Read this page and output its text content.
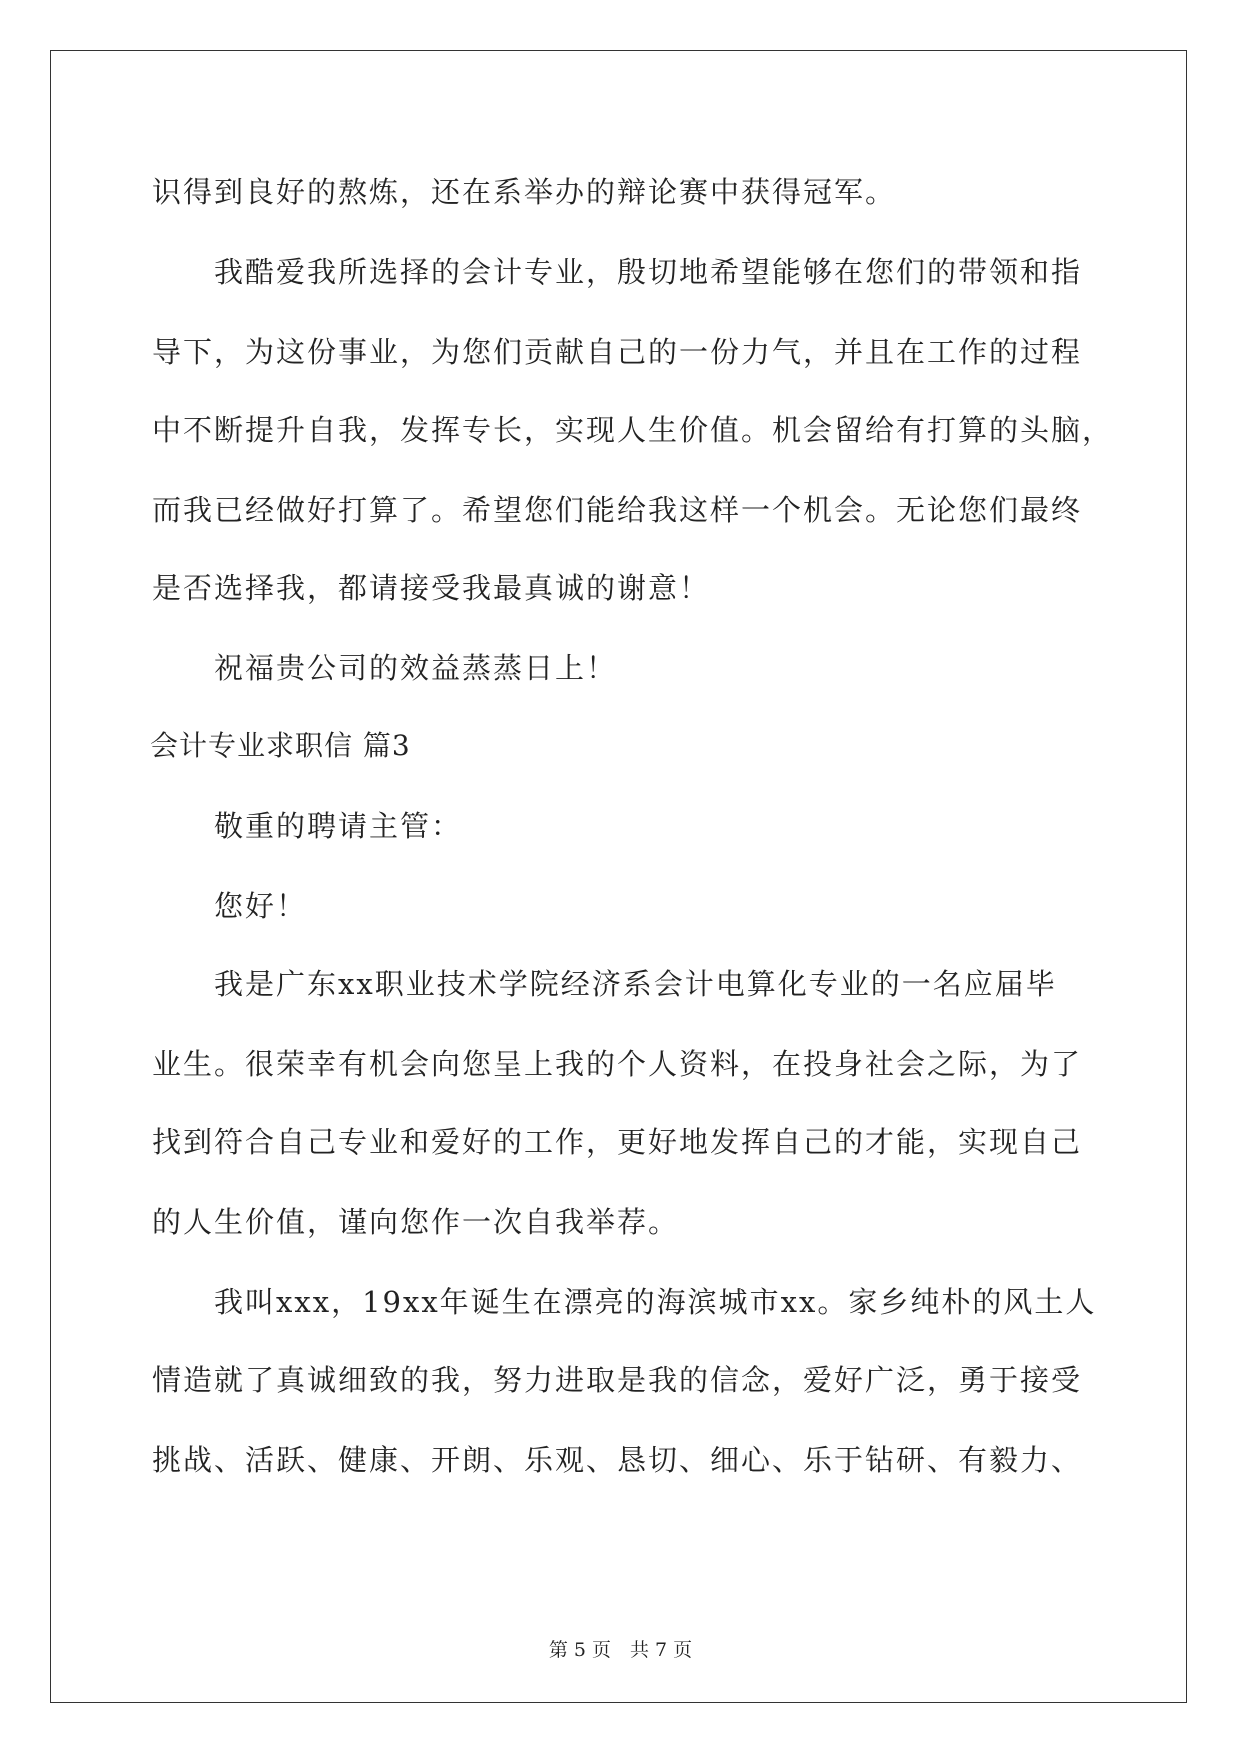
识得到良好的熬炼，还在系举办的辩论赛中获得冠军。
我酷爱我所选择的会计专业，殷切地希望能够在您们的带领和指
导下，为这份事业，为您们贡献自己的一份力气，并且在工作的过程
中不断提升自我，发挥专长，实现人生价值。机会留给有打算的头脑，
而我已经做好打算了。希望您们能给我这样一个机会。无论您们最终
是否选择我，都请接受我最真诚的谢意！
祝福贵公司的效益蒸蒸日上！
会计专业求职信 篇3
敬重的聘请主管：
您好！
我是广东xx职业技术学院经济系会计电算化专业的一名应届毕
业生。很荣幸有机会向您呈上我的个人资料，在投身社会之际，为了
找到符合自己专业和爱好的工作，更好地发挥自己的才能，实现自己
的人生价值，谨向您作一次自我举荐。
我叫xxx，19xx年诞生在漂亮的海滨城市xx。家乡纯朴的风土人
情造就了真诚细致的我，努力进取是我的信念，爱好广泛，勇于接受
挑战、活跃、健康、开朗、乐观、恳切、细心、乐于钻研、有毅力、
第 5 页　共 7 页
